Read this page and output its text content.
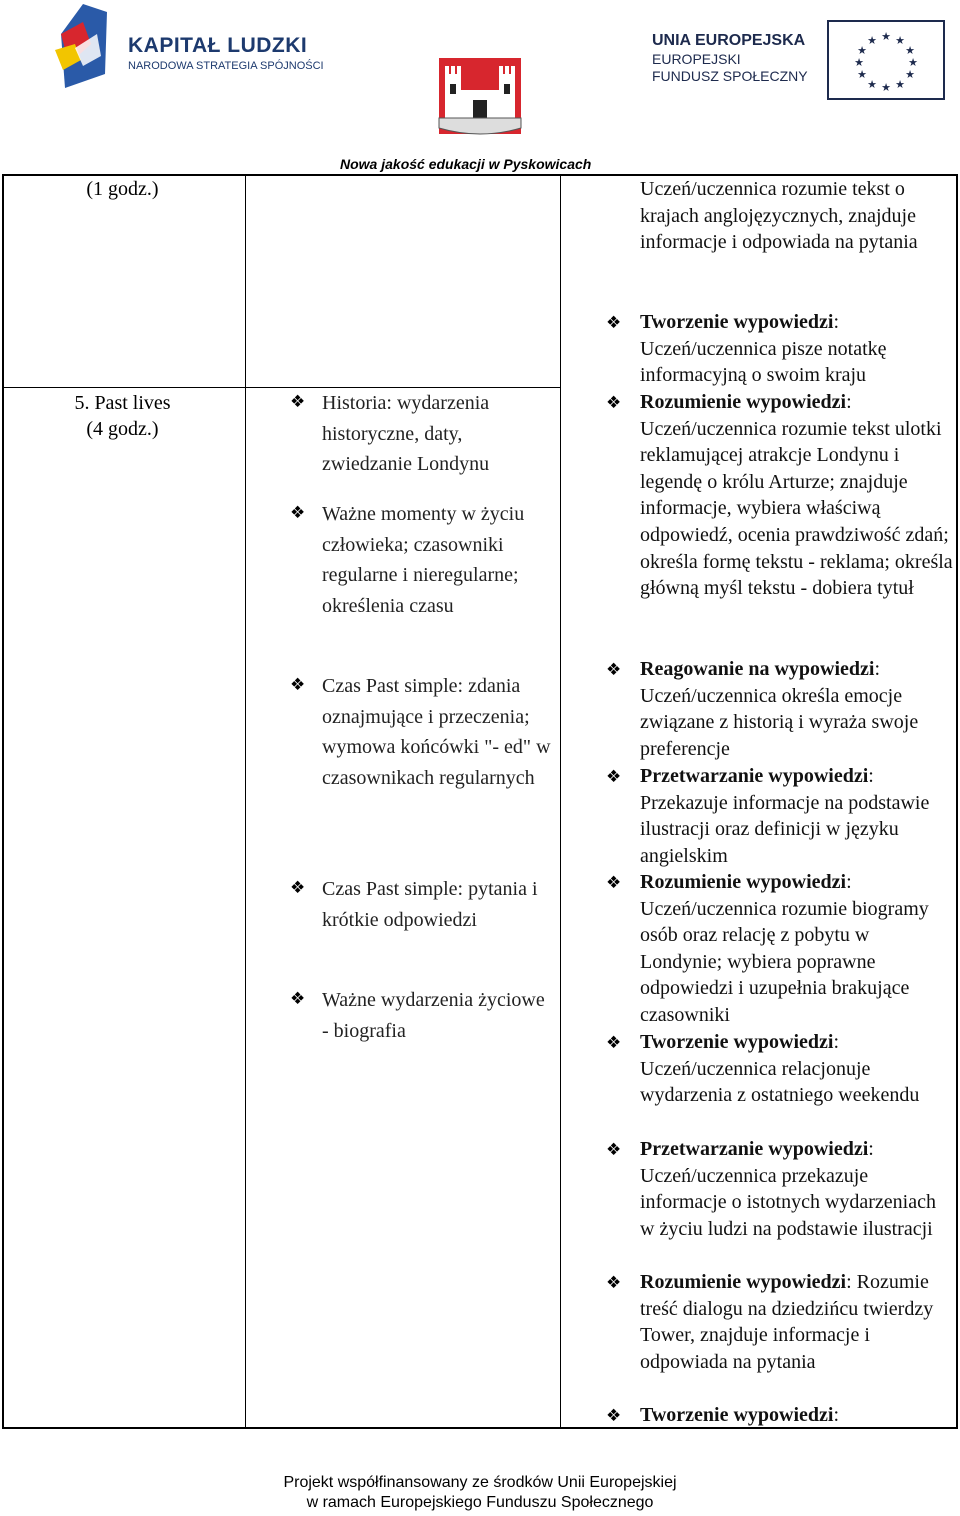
KAPITAŁ LUDZKI
NARODOWA STRATEGIA SPÓJNOŚCI
UNIA EUROPEJSKA
EUROPEJSKI
FUNDUSZ SPOŁECZNY
★ ★
★
★
★
★
★
★
★
★
★
★
Nowa jakość edukacji w Pyskowicach
(1 godz.)	Uczeń/uczennica rozumie tekst o krajach anglojęzycznych, znajduje informacje i odpowiada na pytania
5. Past lives
(4 godz.)
❖ Historia: wydarzenia historyczne, daty, zwiedzanie Londynu
❖ Ważne momenty w życiu człowieka; czasowniki regularne i nieregularne; określenia czasu
❖ Czas Past simple: zdania oznajmujące i przeczenia; wymowa końcówki "- ed" w czasownikach regularnych
❖ Czas Past simple: pytania i krótkie odpowiedzi
❖ Ważne wydarzenia życiowe - biografia
❖ Tworzenie wypowiedzi: Uczeń/uczennica pisze notatkę informacyjną o swoim kraju
❖ Rozumienie wypowiedzi: Uczeń/uczennica rozumie tekst ulotki reklamującej atrakcje Londynu i legendę o królu Arturze; znajduje informacje, wybiera właściwą odpowiedź, ocenia prawdziwość zdań; określa formę tekstu - reklama; określa główną myśl tekstu - dobiera tytuł
❖ Reagowanie na wypowiedzi: Uczeń/uczennica określa emocje związane z historią i wyraża swoje preferencje
❖ Przetwarzanie wypowiedzi: Przekazuje informacje na podstawie ilustracji oraz definicji w języku angielskim
❖ Rozumienie wypowiedzi: Uczeń/uczennica rozumie biogramy osób oraz relację z pobytu w Londynie; wybiera poprawne odpowiedzi i uzupełnia brakujące czasowniki
❖ Tworzenie wypowiedzi: Uczeń/uczennica relacjonuje wydarzenia z ostatniego weekendu
❖ Przetwarzanie wypowiedzi: Uczeń/uczennica przekazuje informacje o istotnych wydarzeniach w życiu ludzi na podstawie ilustracji
❖ Rozumienie wypowiedzi: Rozumie treść dialogu na dziedzińcu twierdzy Tower, znajduje informacje i odpowiada na pytania
❖ Tworzenie wypowiedzi:
Projekt współfinansowany ze środków Unii Europejskiej
w ramach Europejskiego Funduszu Społecznego
